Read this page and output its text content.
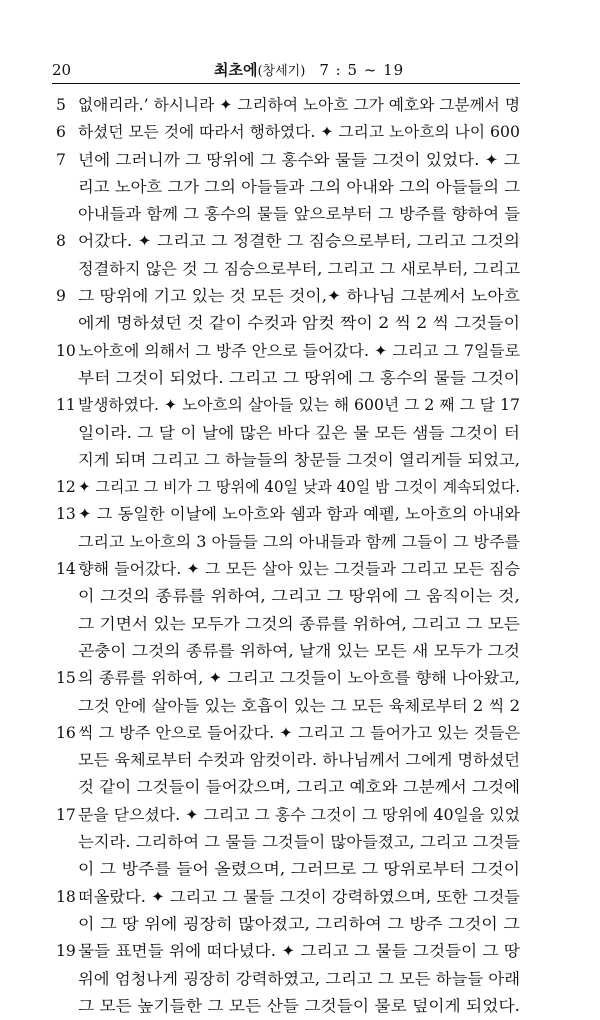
20	최초에(창세기) 7 : 5 ~ 19
5 없애리라.’ 하시니라 ✦ 그리하여 노아흐 그가 예호와 그분께서 명
6 하셨던 모든 것에 따라서 행하였다. ✦ 그리고 노아흐의 나이 600
7 년에 그러니까 그 땅위에 그 홍수와 물들 그것이 있었다. ✦ 그
리고 노아흐 그가 그의 아들들과 그의 아내와 그의 아들들의 그
아내들과 함께 그 홍수의 물들 앞으로부터 그 방주를 향하여 들
8 어갔다. ✦ 그리고 그 정결한 그 짐승으로부터, 그리고 그것의
정결하지 않은 것 그 짐승으로부터, 그리고 그 새로부터, 그리고
9 그 땅위에 기고 있는 것 모든 것이,✦ 하나님 그분께서 노아흐
에게 명하셨던 것 같이 수컷과 암컷 짝이 2 씩 2 씩 그것들이
10 노아흐에 의해서 그 방주 안으로 들어갔다. ✦ 그리고 그 7일들로
부터 그것이 되었다. 그리고 그 땅위에 그 홍수의 물들 그것이
11 발생하였다. ✦ 노아흐의 살아들 있는 해 600년 그 2 째 그 달 17
일이라. 그 달 이 날에 많은 바다 깊은 물 모든 샘들 그것이 터
지게 되며 그리고 그 하늘들의 창문들 그것이 열리게들 되었고,
12 ✦ 그리고 그 비가 그 땅위에 40일 낮과 40일 밤 그것이 계속되었다.
13 ✦ 그 동일한 이날에 노아흐와 쉠과 함과 예펱, 노아흐의 아내와
그리고 노아흐의 3 아들들 그의 아내들과 함께 그들이 그 방주를
14 향해 들어갔다. ✦ 그 모든 살아 있는 그것들과 그리고 모든 짐승
이 그것의 종류를 위하여, 그리고 그 땅위에 그 움직이는 것,
그 기면서 있는 모두가 그것의 종류를 위하여, 그리고 그 모든
곤충이 그것의 종류를 위하여, 날개 있는 모든 새 모두가 그것
15 의 종류를 위하여, ✦ 그리고 그것들이 노아흐를 향해 나아왔고,
그것 안에 살아들 있는 호흡이 있는 그 모든 육체로부터 2 씩 2
16 씩 그 방주 안으로 들어갔다. ✦ 그리고 그 들어가고 있는 것들은
모든 육체로부터 수컷과 암컷이라. 하나님께서 그에게 명하셨던
것 같이 그것들이 들어갔으며, 그리고 예호와 그분께서 그것에
17 문을 닫으셨다. ✦ 그리고 그 홍수 그것이 그 땅위에 40일을 있었
는지라. 그리하여 그 물들 그것들이 많아들졌고, 그리고 그것들
이 그 방주를 들어 올렸으며, 그러므로 그 땅위로부터 그것이
18 떠올랐다. ✦ 그리고 그 물들 그것이 강력하였으며, 또한 그것들
이 그 땅 위에 굉장히 많아졌고, 그리하여 그 방주 그것이 그
19 물들 표면들 위에 떠다녔다. ✦ 그리고 그 물들 그것들이 그 땅
위에 엄청나게 굉장히 강력하였고, 그리고 그 모든 하늘들 아래
그 모든 높기들한 그 모든 산들 그것들이 물로 덮이게 되었다.
